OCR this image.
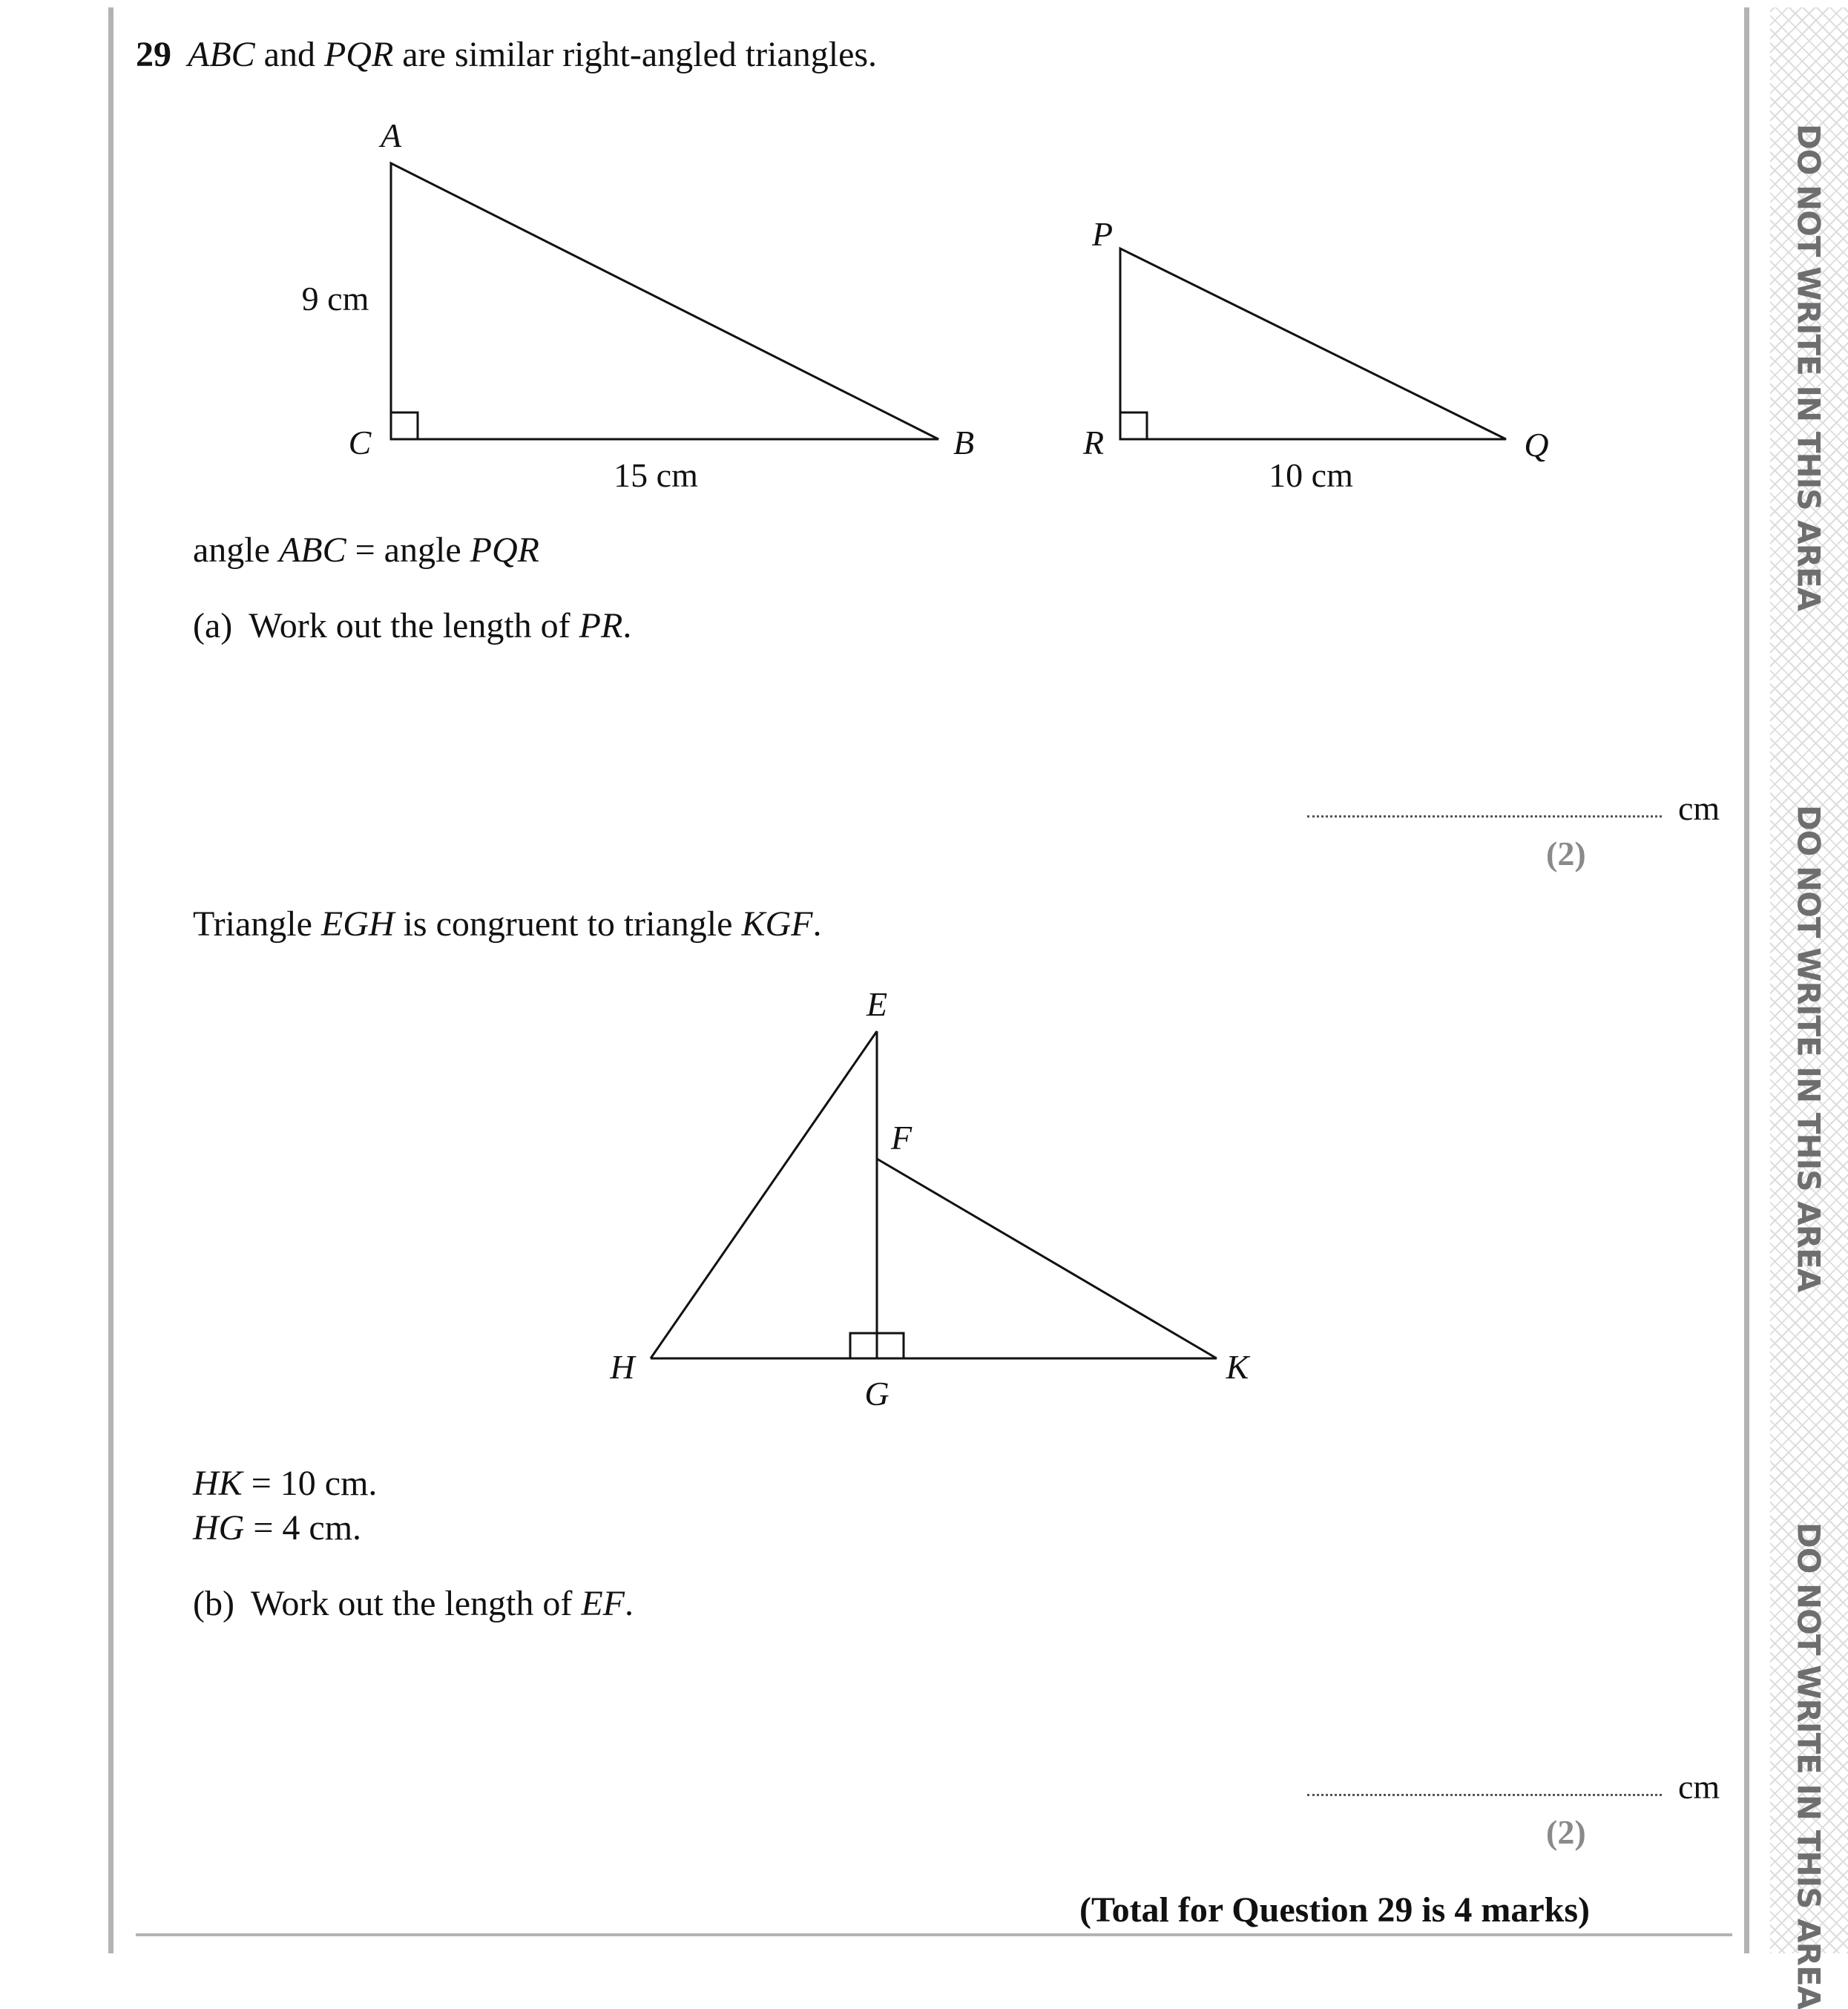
DO NOT WRITE IN THIS AREA
DO NOT WRITE IN THIS AREA
DO NOT WRITE IN THIS AREA
29 ABC and PQR are similar right-angled triangles.
A
C	B
9 cm
15 cm
P
R	Q
10 cm
angle ABC = angle PQR
(a) Work out the length of PR.
cm
(2)
Triangle EGH is congruent to triangle KGF.
E
F
H
G
K
HK = 10 cm.
HG = 4 cm.
(b) Work out the length of EF.
cm
(2)
(Total for Question 29 is 4 marks)
